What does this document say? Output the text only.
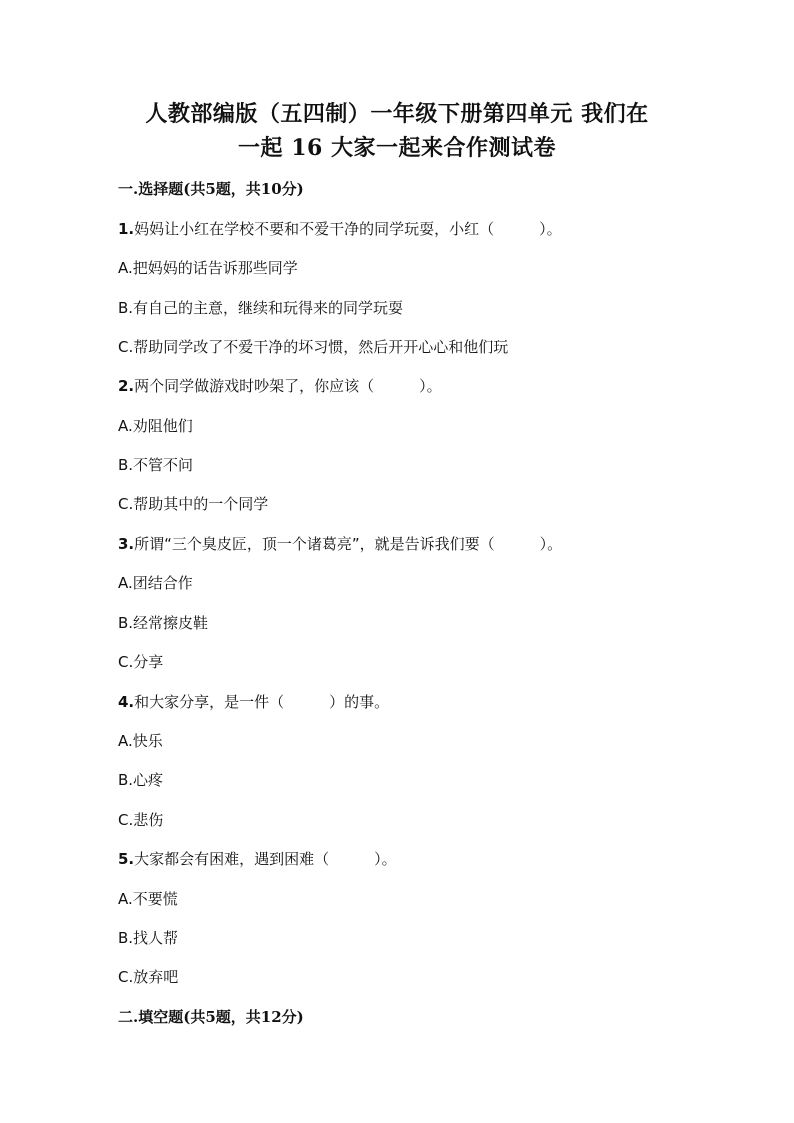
人教部编版（五四制）一年级下册第四单元 我们在
一起 16 大家一起来合作测试卷
一.选择题(共5题，共10分)
1.妈妈让小红在学校不要和不爱干净的同学玩耍，小红（　　　）。
A.把妈妈的话告诉那些同学
B.有自己的主意，继续和玩得来的同学玩耍
C.帮助同学改了不爱干净的坏习惯，然后开开心心和他们玩
2.两个同学做游戏时吵架了，你应该（　　　）。
A.劝阻他们
B.不管不问
C.帮助其中的一个同学
3.所谓“三个臭皮匠，顶一个诸葛亮”，就是告诉我们要（　　　）。
A.团结合作
B.经常擦皮鞋
C.分享
4.和大家分享，是一件（　　　）的事。
A.快乐
B.心疼
C.悲伤
5.大家都会有困难，遇到困难（　　　）。
A.不要慌
B.找人帮
C.放弃吧
二.填空题(共5题，共12分)
